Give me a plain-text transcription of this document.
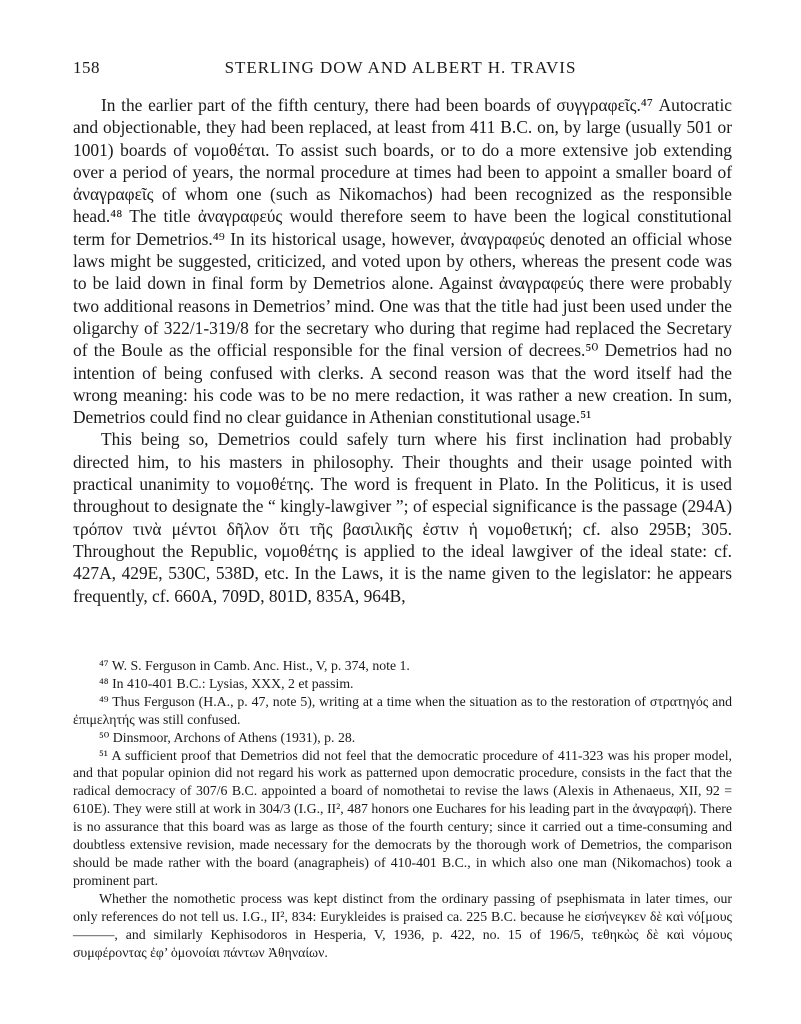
158	STERLING DOW AND ALBERT H. TRAVIS

In the earlier part of the fifth century, there had been boards of συγγραφεῖς.⁴⁷ Autocratic and objectionable, they had been replaced, at least from 411 B.C. on, by large (usually 501 or 1001) boards of νομοθέται. To assist such boards, or to do a more extensive job extending over a period of years, the normal procedure at times had been to appoint a smaller board of ἀναγραφεῖς of whom one (such as Nikomachos) had been recognized as the responsible head.⁴⁸ The title ἀναγραφεύς would therefore seem to have been the logical constitutional term for Demetrios.⁴⁹ In its historical usage, however, ἀναγραφεύς denoted an official whose laws might be suggested, criticized, and voted upon by others, whereas the present code was to be laid down in final form by Demetrios alone. Against ἀναγραφεύς there were probably two additional reasons in Demetrios’ mind. One was that the title had just been used under the oligarchy of 322/1-319/8 for the secretary who during that regime had replaced the Secretary of the Boule as the official responsible for the final version of decrees.⁵⁰ Demetrios had no intention of being confused with clerks. A second reason was that the word itself had the wrong meaning: his code was to be no mere redaction, it was rather a new creation. In sum, Demetrios could find no clear guidance in Athenian constitutional usage.⁵¹

This being so, Demetrios could safely turn where his first inclination had probably directed him, to his masters in philosophy. Their thoughts and their usage pointed with practical unanimity to νομοθέτης. The word is frequent in Plato. In the Politicus, it is used throughout to designate the “ kingly-lawgiver ”; of especial significance is the passage (294A) τρόπον τινὰ μέντοι δῆλον ὅτι τῆς βασιλικῆς ἐστιν ἡ νομοθετική; cf. also 295B; 305. Throughout the Republic, νομοθέτης is applied to the ideal lawgiver of the ideal state: cf. 427A, 429E, 530C, 538D, etc. In the Laws, it is the name given to the legislator: he appears frequently, cf. 660A, 709D, 801D, 835A, 964B,

⁴⁷ W. S. Ferguson in Camb. Anc. Hist., V, p. 374, note 1.

⁴⁸ In 410-401 B.C.: Lysias, XXX, 2 et passim.

⁴⁹ Thus Ferguson (H.A., p. 47, note 5), writing at a time when the situation as to the restoration of στρατηγός and ἐπιμελητής was still confused.

⁵⁰ Dinsmoor, Archons of Athens (1931), p. 28.

⁵¹ A sufficient proof that Demetrios did not feel that the democratic procedure of 411-323 was his proper model, and that popular opinion did not regard his work as patterned upon democratic procedure, consists in the fact that the radical democracy of 307/6 B.C. appointed a board of nomothetai to revise the laws (Alexis in Athenaeus, XII, 92 = 610E). They were still at work in 304/3 (I.G., II², 487 honors one Euchares for his leading part in the ἀναγραφή). There is no assurance that this board was as large as those of the fourth century; since it carried out a time-consuming and doubtless extensive revision, made necessary for the democrats by the thorough work of Demetrios, the comparison should be made rather with the board (anagrapheis) of 410-401 B.C., in which also one man (Nikomachos) took a prominent part.

Whether the nomothetic process was kept distinct from the ordinary passing of psephismata in later times, our only references do not tell us. I.G., II², 834: Eurykleides is praised ca. 225 B.C. because he εἰσήνεγκεν δὲ καὶ νό[μους ———, and similarly Kephisodoros in Hesperia, V, 1936, p. 422, no. 15 of 196/5, τεθηκὼς δὲ καὶ νόμους συμφέροντας ἐφ’ ὁμονοίαι πάντων Ἀθηναίων.
